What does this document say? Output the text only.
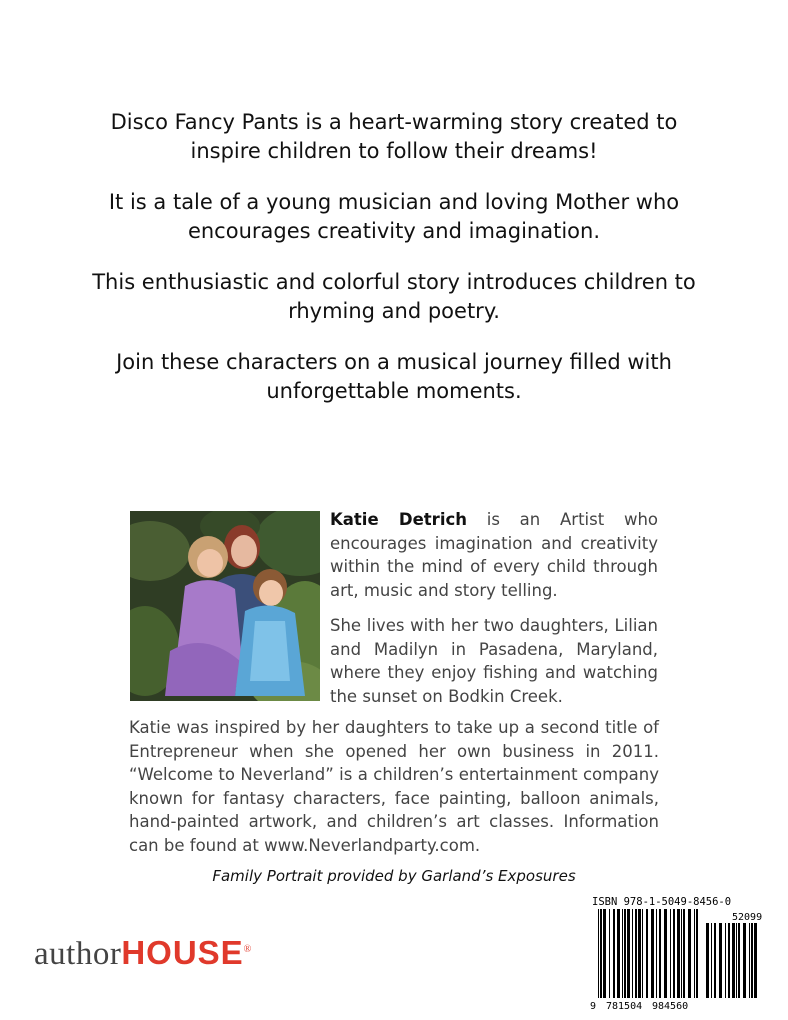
Disco Fancy Pants is a heart-warming story created to inspire children to follow their dreams!

It is a tale of a young musician and loving Mother who encourages creativity and imagination.

This enthusiastic and colorful story introduces children to rhyming and poetry.

Join these characters on a musical journey filled with unforgettable moments.

Katie Detrich is an Artist who encourages imagination and creativity within the mind of every child through art, music and story telling.

She lives with her two daughters, Lilian and Madilyn in Pasadena, Maryland, where they enjoy fishing and watching the sunset on Bodkin Creek.

Katie was inspired by her daughters to take up a second title of Entrepreneur when she opened her own business in 2011. “Welcome to Neverland” is a children’s entertainment company known for fantasy characters, face painting, balloon animals, hand-painted artwork, and children’s art classes. Information can be found at www.Neverlandparty.com.

Family Portrait provided by Garland’s Exposures
authorHOUSE®
ISBN 978-1-5049-8456-0
52099
9 781504 984560
